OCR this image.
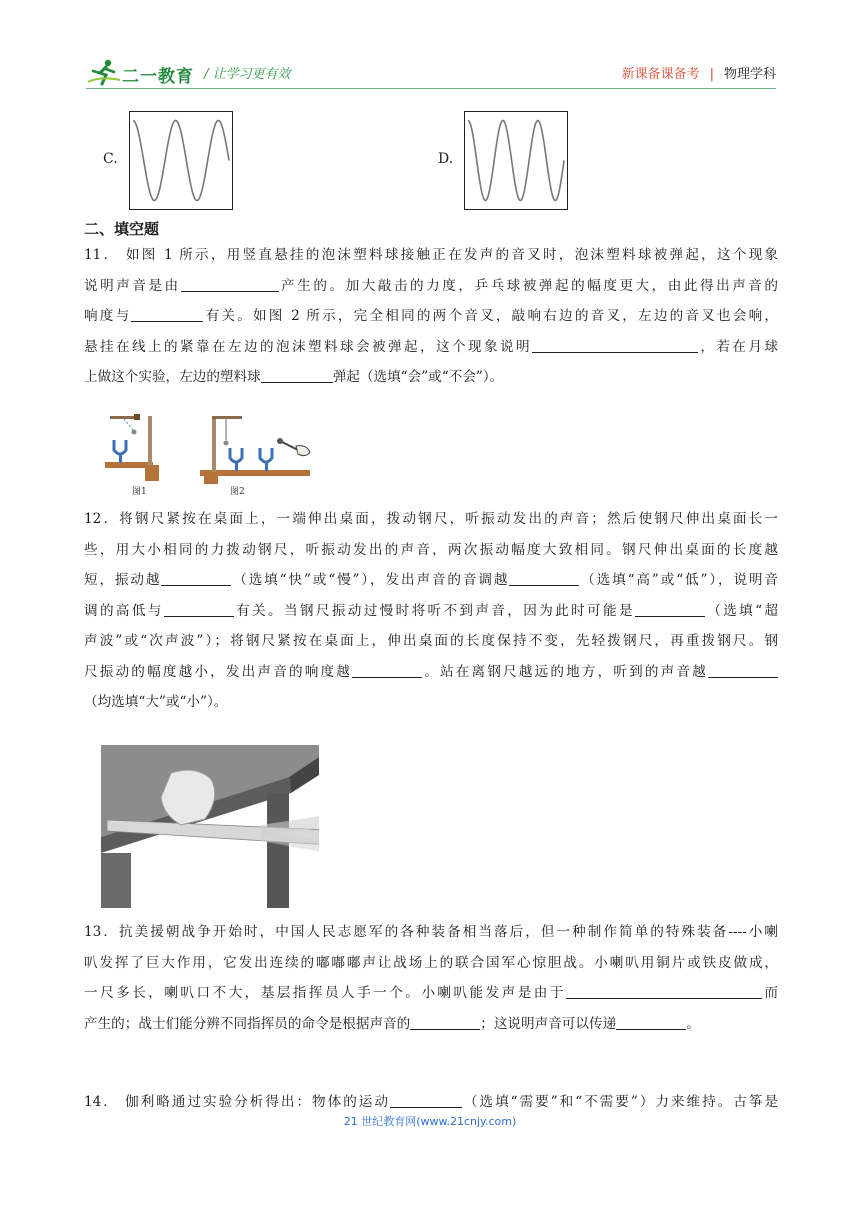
二一教育 / 让学习更有效	新课备课备考 | 物理学科
C.	D.
二、填空题
11． 如图 1 所示，用竖直悬挂的泡沫塑料球接触正在发声的音叉时，泡沫塑料球被弹起，这个现象
说明声音是由	产生的。加大敲击的力度，乒乓球被弹起的幅度更大，由此得出声音的
响度与	有关。如图 2 所示，完全相同的两个音叉，敲响右边的音叉，左边的音叉也会响，
悬挂在线上的紧靠在左边的泡沫塑料球会被弹起，这个现象说明	，若在月球
上做这个实验，左边的塑料球	弹起（选填“会”或“不会”）。
图1	图2
12．将钢尺紧按在桌面上，一端伸出桌面，拨动钢尺，听振动发出的声音；然后使钢尺伸出桌面长一
些，用大小相同的力拨动钢尺，听振动发出的声音，两次振动幅度大致相同。钢尺伸出桌面的长度越
短，振动越	（选填“快”或“慢”），发出声音的音调越	（选填“高”或“低”），说明音
调的高低与	有关。当钢尺振动过慢时将听不到声音，因为此时可能是	（选填“超
声波”或“次声波”）；将钢尺紧按在桌面上，伸出桌面的长度保持不变，先轻拨钢尺，再重拨钢尺。钢
尺振动的幅度越小，发出声音的响度越	。站在离钢尺越远的地方，听到的声音越
（均选填“大”或“小”）。
13．抗美援朝战争开始时，中国人民志愿军的各种装备相当落后，但一种制作简单的特殊装备----小喇
叭发挥了巨大作用，它发出连续的嘟嘟嘟声让战场上的联合国军心惊胆战。小喇叭用铜片或铁皮做成，
一尺多长，喇叭口不大，基层指挥员人手一个。小喇叭能发声是由于	而
产生的；战士们能分辨不同指挥员的命令是根据声音的	；这说明声音可以传递	。
14． 伽利略通过实验分析得出：物体的运动	（选填“需要”和“不需要”）力来维持。古筝是
21 世纪教育网(www.21cnjy.com)
